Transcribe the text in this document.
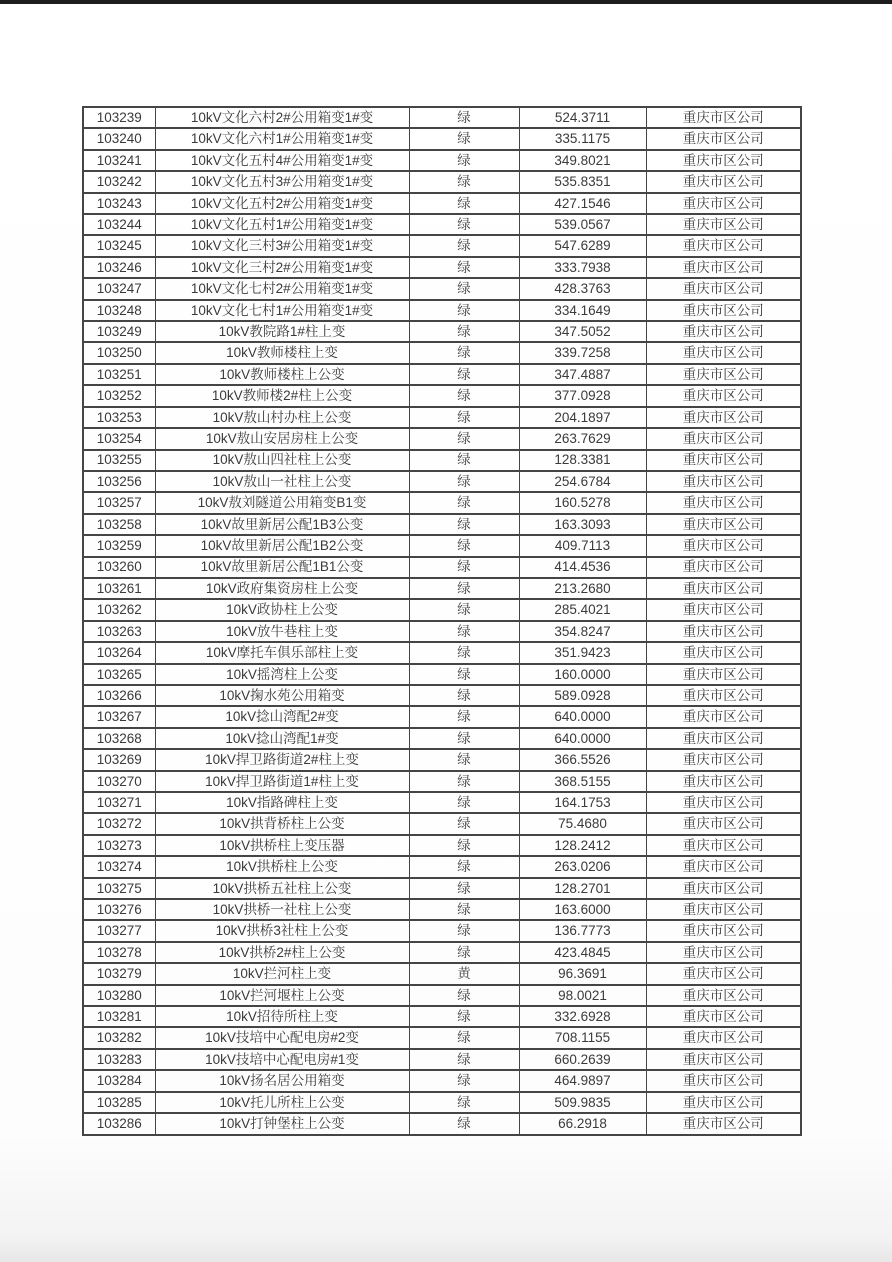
103239	10kV文化六村2#公用箱变1#变	绿	524.3711	重庆市区公司
103240	10kV文化六村1#公用箱变1#变	绿	335.1175	重庆市区公司
103241	10kV文化五村4#公用箱变1#变	绿	349.8021	重庆市区公司
103242	10kV文化五村3#公用箱变1#变	绿	535.8351	重庆市区公司
103243	10kV文化五村2#公用箱变1#变	绿	427.1546	重庆市区公司
103244	10kV文化五村1#公用箱变1#变	绿	539.0567	重庆市区公司
103245	10kV文化三村3#公用箱变1#变	绿	547.6289	重庆市区公司
103246	10kV文化三村2#公用箱变1#变	绿	333.7938	重庆市区公司
103247	10kV文化七村2#公用箱变1#变	绿	428.3763	重庆市区公司
103248	10kV文化七村1#公用箱变1#变	绿	334.1649	重庆市区公司
103249	10kV教院路1#柱上变	绿	347.5052	重庆市区公司
103250	10kV教师楼柱上变	绿	339.7258	重庆市区公司
103251	10kV教师楼柱上公变	绿	347.4887	重庆市区公司
103252	10kV教师楼2#柱上公变	绿	377.0928	重庆市区公司
103253	10kV敖山村办柱上公变	绿	204.1897	重庆市区公司
103254	10kV敖山安居房柱上公变	绿	263.7629	重庆市区公司
103255	10kV敖山四社柱上公变	绿	128.3381	重庆市区公司
103256	10kV敖山一社柱上公变	绿	254.6784	重庆市区公司
103257	10kV敖刘隧道公用箱变B1变	绿	160.5278	重庆市区公司
103258	10kV故里新居公配1B3公变	绿	163.3093	重庆市区公司
103259	10kV故里新居公配1B2公变	绿	409.7113	重庆市区公司
103260	10kV故里新居公配1B1公变	绿	414.4536	重庆市区公司
103261	10kV政府集资房柱上公变	绿	213.2680	重庆市区公司
103262	10kV政协柱上公变	绿	285.4021	重庆市区公司
103263	10kV放牛巷柱上变	绿	354.8247	重庆市区公司
103264	10kV摩托车俱乐部柱上变	绿	351.9423	重庆市区公司
103265	10kV摇湾柱上公变	绿	160.0000	重庆市区公司
103266	10kV掬水苑公用箱变	绿	589.0928	重庆市区公司
103267	10kV捻山湾配2#变	绿	640.0000	重庆市区公司
103268	10kV捻山湾配1#变	绿	640.0000	重庆市区公司
103269	10kV捍卫路街道2#柱上变	绿	366.5526	重庆市区公司
103270	10kV捍卫路街道1#柱上变	绿	368.5155	重庆市区公司
103271	10kV指路碑柱上变	绿	164.1753	重庆市区公司
103272	10kV拱背桥柱上公变	绿	75.4680	重庆市区公司
103273	10kV拱桥柱上变压器	绿	128.2412	重庆市区公司
103274	10kV拱桥柱上公变	绿	263.0206	重庆市区公司
103275	10kV拱桥五社柱上公变	绿	128.2701	重庆市区公司
103276	10kV拱桥一社柱上公变	绿	163.6000	重庆市区公司
103277	10kV拱桥3社柱上公变	绿	136.7773	重庆市区公司
103278	10kV拱桥2#柱上公变	绿	423.4845	重庆市区公司
103279	10kV拦河柱上变	黄	96.3691	重庆市区公司
103280	10kV拦河堰柱上公变	绿	98.0021	重庆市区公司
103281	10kV招待所柱上变	绿	332.6928	重庆市区公司
103282	10kV技培中心配电房#2变	绿	708.1155	重庆市区公司
103283	10kV技培中心配电房#1变	绿	660.2639	重庆市区公司
103284	10kV扬名居公用箱变	绿	464.9897	重庆市区公司
103285	10kV托儿所柱上公变	绿	509.9835	重庆市区公司
103286	10kV打钟堡柱上公变	绿	66.2918	重庆市区公司
